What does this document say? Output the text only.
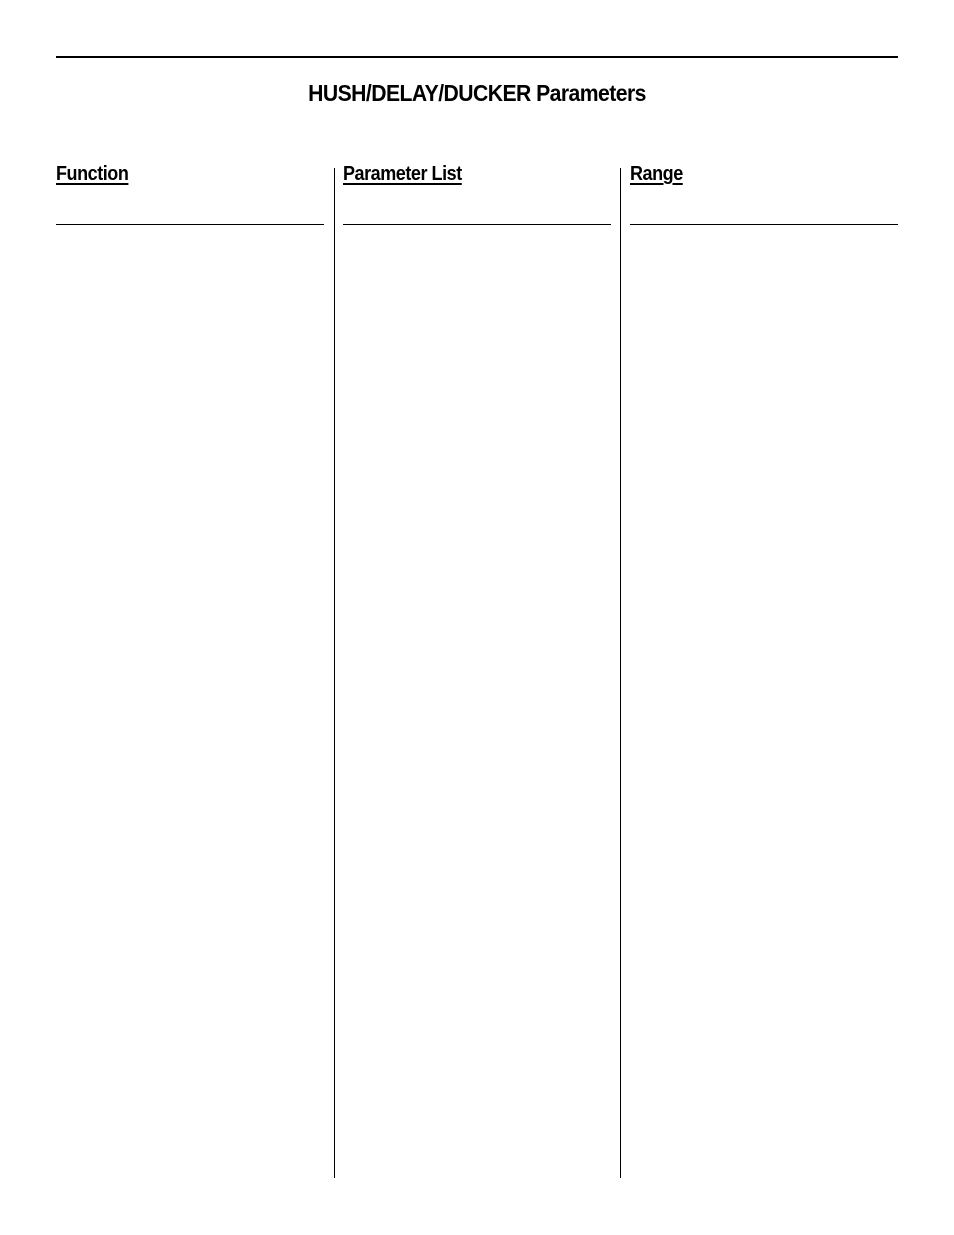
HUSH/DELAY/DUCKER Parameters
Function	Parameter List	Range
